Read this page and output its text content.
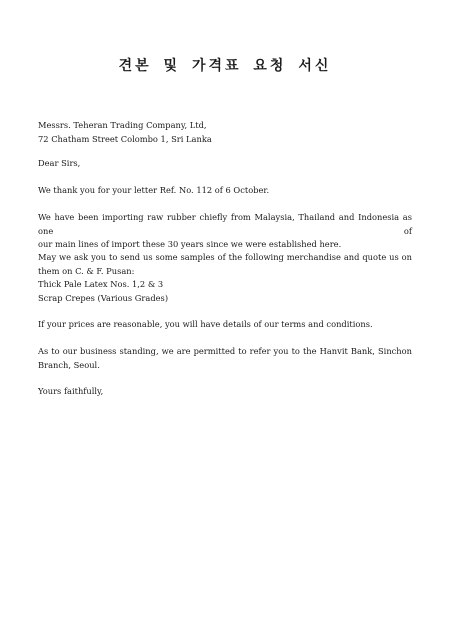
견본 및 가격표 요청 서신
Messrs. Teheran Trading Company, Ltd,
72 Chatham Street Colombo 1, Sri Lanka
Dear Sirs,
We thank you for your letter Ref. No. 112 of 6 October.
We have been importing raw rubber chiefly from Malaysia, Thailand and Indonesia as one of
our main lines of import these 30 years since we were established here.
May we ask you to send us some samples of the following merchandise and quote us on
them on C. & F. Pusan:
Thick Pale Latex Nos. 1,2 & 3
Scrap Crepes (Various Grades)
If your prices are reasonable, you will have details of our terms and conditions.
As to our business standing, we are permitted to refer you to the Hanvit Bank, Sinchon
Branch, Seoul.
Yours faithfully,
